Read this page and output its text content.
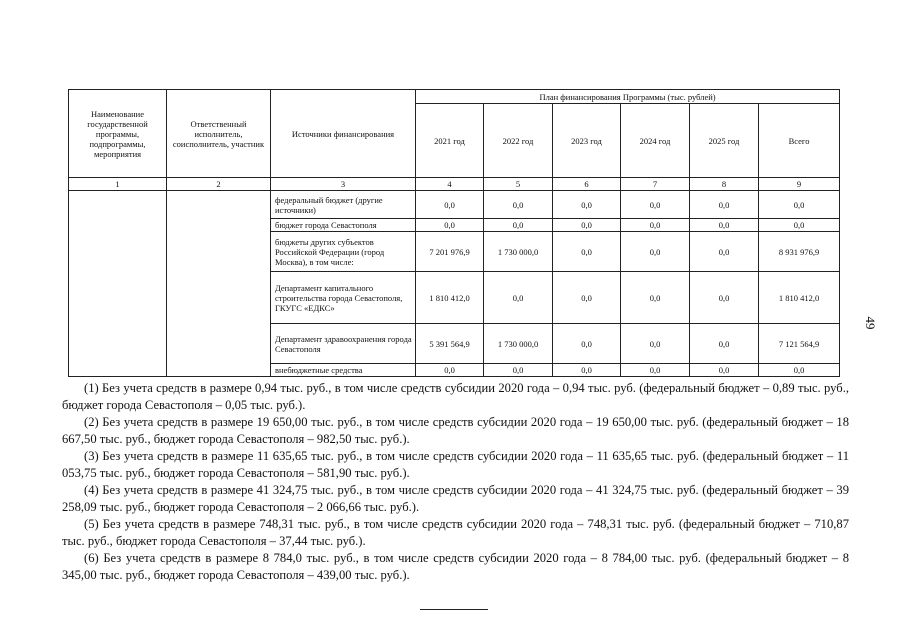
Наименование государственной программы, подпрограммы, мероприятия	Ответственный исполнитель, соисполнитель, участник	Источники финансирования	План финансирования Программы (тыс. рублей)					
			2021 год	2022 год	2023 год	2024 год	2025 год	Всего
1	2	3	4	5	6	7	8	9
		федеральный бюджет (другие источники)	0,0	0,0	0,0	0,0	0,0	0,0
		бюджет города Севастополя	0,0	0,0	0,0	0,0	0,0	0,0
		бюджеты других субъектов Российской Федерации (город Москва), в том числе:	7 201 976,9	1 730 000,0	0,0	0,0	0,0	8 931 976,9
		Департамент капитального строительства города Севастополя, ГКУГС «ЕДКС»	1 810 412,0	0,0	0,0	0,0	0,0	1 810 412,0
		Департамент здравоохранения города Севастополя	5 391 564,9	1 730 000,0	0,0	0,0	0,0	7 121 564,9
		внебюджетные средства	0,0	0,0	0,0	0,0	0,0	0,0
49

(1) Без учета средств в размере 0,94 тыс. руб., в том числе средств субсидии 2020 года – 0,94 тыс. руб. (федеральный бюджет – 0,89 тыс. руб., бюджет города Севастополя – 0,05 тыс. руб.).

(2) Без учета средств в размере 19 650,00 тыс. руб., в том числе средств субсидии 2020 года – 19 650,00 тыс. руб. (федеральный бюджет – 18 667,50 тыс. руб., бюджет города Севастополя – 982,50 тыс. руб.).

(3) Без учета средств в размере 11 635,65 тыс. руб., в том числе средств субсидии 2020 года – 11 635,65 тыс. руб. (федеральный бюджет – 11 053,75 тыс. руб., бюджет города Севастополя – 581,90 тыс. руб.).

(4) Без учета средств в размере 41 324,75 тыс. руб., в том числе средств субсидии 2020 года – 41 324,75 тыс. руб. (федеральный бюджет – 39 258,09 тыс. руб., бюджет города Севастополя – 2 066,66 тыс. руб.).

(5) Без учета средств в размере 748,31 тыс. руб., в том числе средств субсидии 2020 года – 748,31 тыс. руб. (федеральный бюджет – 710,87 тыс. руб., бюджет города Севастополя – 37,44 тыс. руб.).

(6) Без учета средств в размере 8 784,0 тыс. руб., в том числе средств субсидии 2020 года – 8 784,00 тыс. руб. (федеральный бюджет – 8 345,00 тыс. руб., бюджет города Севастополя – 439,00 тыс. руб.).
